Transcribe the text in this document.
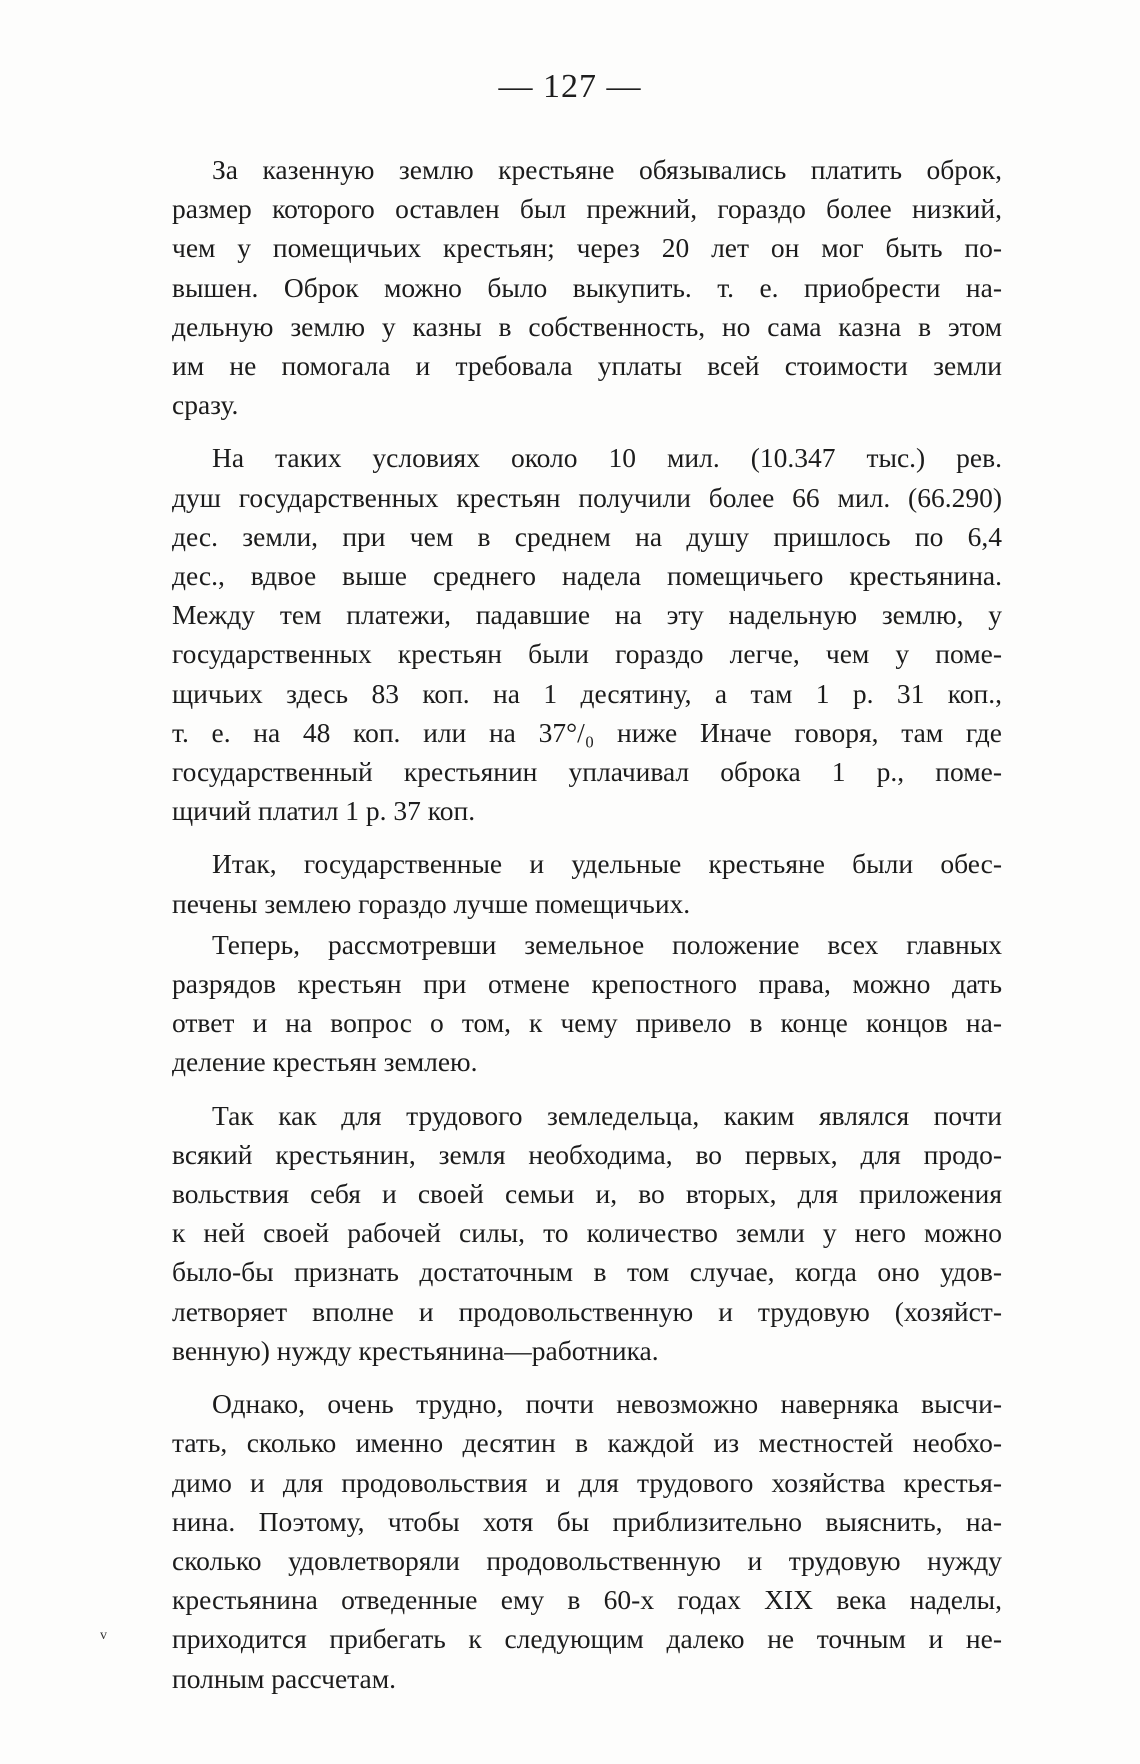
— 127 —
За казенную землю крестьяне обязывались платить оброк,
размер которого оставлен был прежний, гораздо более низкий,
чем у помещичьих крестьян; через 20 лет он мог быть по-
вышен. Оброк можно было выкупить. т. е. приобрести на-
дельную землю у казны в собственность, но сама казна в этом
им не помогала и требовала уплаты всей стоимости земли
сразу.
На таких условиях около 10 мил. (10.347 тыс.) рев.
душ государственных крестьян получили более 66 мил. (66.290)
дес. земли, при чем в среднем на душу пришлось по 6,4
дес., вдвое выше среднего надела помещичьего крестьянина.
Между тем платежи, падавшие на эту надельную землю, у
государственных крестьян были гораздо легче, чем у поме-
щичьих здесь 83 коп. на 1 десятину, а там 1 р. 31 коп.,
т. е. на 48 коп. или на 37°/₀ ниже Иначе говоря, там где
государственный крестьянин уплачивал оброка 1 р., поме-
щичий платил 1 р. 37 коп.
Итак, государственные и удельные крестьяне были обес-
печены землею гораздо лучше помещичьих.
Теперь, рассмотревши земельное положение всех главных
разрядов крестьян при отмене крепостного права, можно дать
ответ и на вопрос о том, к чему привело в конце концов на-
деление крестьян землею.
Так как для трудового земледельца, каким являлся почти
всякий крестьянин, земля необходима, во первых, для продо-
вольствия себя и своей семьи и, во вторых, для приложения
к ней своей рабочей силы, то количество земли у него можно
было-бы признать достаточным в том случае, когда оно удов-
летворяет вполне и продовольственную и трудовую (хозяйст-
венную) нужду крестьянина—работника.
Однако, очень трудно, почти невозможно наверняка высчи-
тать, сколько именно десятин в каждой из местностей необхо-
димо и для продовольствия и для трудового хозяйства крестья-
нина. Поэтому, чтобы хотя бы приблизительно выяснить, на-
сколько удовлетворяли продовольственную и трудовую нужду
крестьянина отведенные ему в 60-х годах XIX века наделы,
приходится прибегать к следующим далеко не точным и не-
полным рассчетам.
v
